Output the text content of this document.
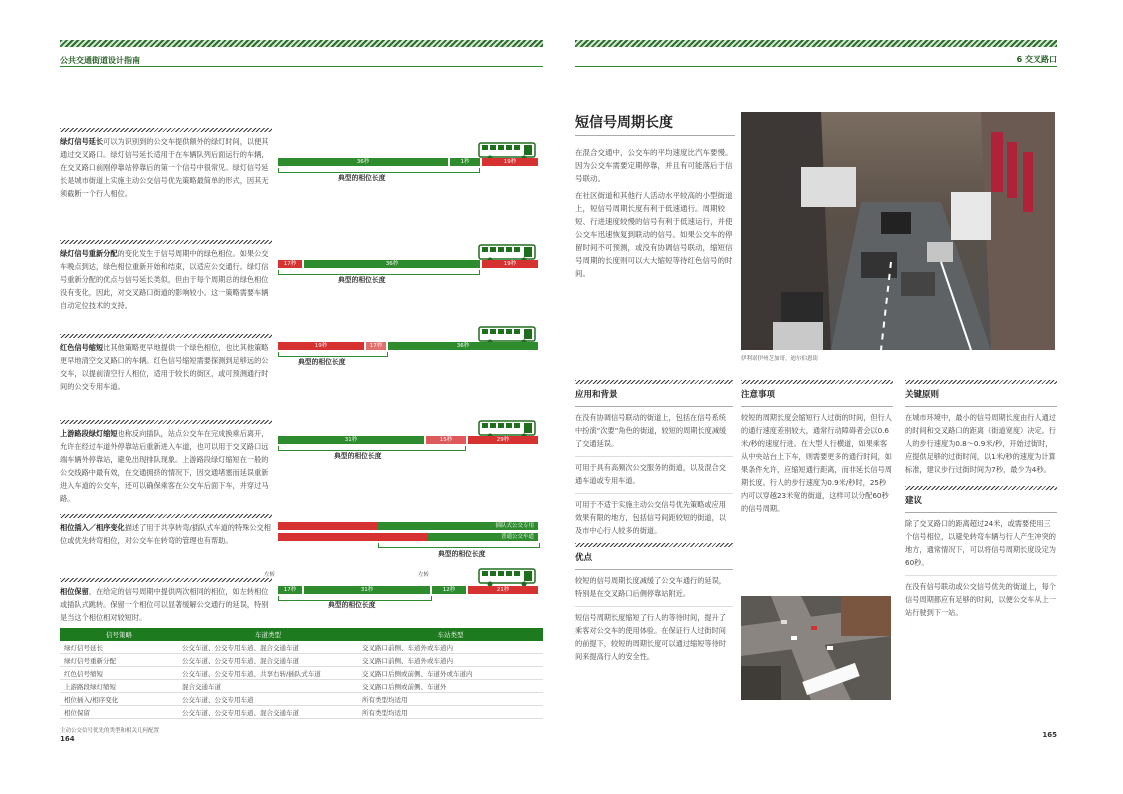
公共交通街道设计指南
绿灯信号延长可以为识别到的公交车提供额外的绿灯时间，以便其通过交叉路口。绿灯信号延长适用于在车辆队列后面运行的车辆，在交叉路口前刚停靠站停靠后的第一个信号中很常见。绿灯信号延长是城市街道上实施主动公交信号优先策略最简单的形式，因其无须截断一个行人相位。
36秒	1秒	19秒
典型的相位长度
绿灯信号重新分配的变化发生于信号周期中的绿色相位。如果公交车晚点到达，绿色相位重新开始和结束，以适应公交通行。绿灯信号重新分配的优点与信号延长类似，但由于每个周期总的绿色相位没有变化，因此，对交叉路口街道的影响较小。这一策略需要车辆自动定位技术的支持。
17秒	36秒	19秒
典型的相位长度
红色信号缩短比其他策略更早地提供一个绿色相位，也比其他策略更早地清空交叉路口的车辆。红色信号缩短需要探测到足够远的公交车，以提前清空行人相位，适用于较长的街区，或可预测通行时间的公交专用车道。
19秒	17秒	36秒
典型的相位长度
上游路段绿灯缩短也称反向插队，站点公交车在完成换乘后离开，允许在经过车道外停靠站后重新进入车道，也可以用于交叉路口远端车辆外停靠站，避免出现排队现象。上游路段绿灯缩短在一般的公交线路中最有效，在交通拥挤的情况下，因交通堵塞而延误重新进入车道的公交车，还可以确保乘客在公交车后面下车，并穿过马路。
31秒	15秒	29秒
典型的相位长度
相位插入／相序变化描述了用于共享转弯/插队式车道的特殊公交相位或优先转弯相位，对公交车在转弯的管理也有帮助。
插队式公交专用
普通公交车道
典型的相位长度
相位保留，在给定的信号周期中提供两次相同的相位，如左转相位或插队式跳转。保留一个相位可以显著缓解公交通行的延误，特别是当这个相位相对较短时。
左转	左转
17秒	31秒	12秒	21秒
典型的相位长度
信号策略	车道类型	车站类型
绿灯信号延长	公交车道、公交专用车道、混合交通车道	交叉路口前侧、车道外或车道内
绿灯信号重新分配	公交车道、公交专用车道、混合交通车道	交叉路口前侧、车道外或车道内
红色信号缩短	公交车道、公交专用车道、共享右转/插队式车道	交叉路口后侧或前侧、车道外或车道内
上游路段绿灯缩短	混合交通车道	交叉路口后侧或前侧、车道外
相位插入/相序变化	公交车道、公交专用车道	所有类型均适用
相位保留	公交车道、公交专用车道、混合交通车道	所有类型均适用
主动公交信号优先的类型和相关几何配置
164
6 交叉路口
短信号周期长度

在混合交通中，公交车的平均速度比汽车要慢。因为公交车需要定期停靠，并且有可能落后于信号联动。

在社区街道和其他行人活动水平较高的小型街道上，短信号周期长度有利于低速通行。周期较短、行进速度较慢的信号有利于低速运行，并使公交车迅速恢复到联动的信号。如果公交车的停留时间不可预测，或没有协调信号联动，缩短信号周期的长度则可以大大缩短等待红色信号的时间。

伊利诺伊州芝加哥，迪尔伯恩街
应用和背景

在没有协调信号联动的街道上，包括在信号系统中扮演“次要”角色的街道，较短的周期长度减缓了交通延误。

可用于具有高频次公交服务的街道，以及混合交通车道或专用车道。

可用于不适于实施主动公交信号优先策略或应用效果有限的地方，包括信号间距较短的街道，以及市中心行人较多的街道。

优点

较短的信号周期长度减缓了公交车通行的延误，特别是在交叉路口后侧停靠站附近。

短信号周期长度缩短了行人的等待时间，提升了乘客对公交车的使用体验。在保证行人过街时间的前提下，较短的周期长度可以通过缩短等待时间来提高行人的安全性。

注意事项
较短的周期长度会缩短行人过街的时间，但行人的通行速度差别较大，通常行动障碍者会以0.6米/秒的速度行进。在大型人行横道，如果乘客从中央站台上下车，则需要更多的通行时间，如果条件允许，应缩短通行距离，而非延长信号周期长度。行人的步行速度为0.9米/秒时，25秒内可以穿越23米宽的街道，这样可以分配60秒的信号周期。
关键原则
在城市环境中，最小的信号周期长度由行人通过的时间和交叉路口的距离（街道宽度）决定。行人的步行速度为0.8～0.9米/秒，开始过街时，应提供足够的过街时间，以1米/秒的速度为计算标准，建议步行过街时间为7秒，最少为4秒。
建议

除了交叉路口的距离超过24米，或需要使用三个信号相位，以避免转弯车辆与行人产生冲突的地方，通常情况下，可以将信号周期长度设定为60秒。

在没有信号联动或公交信号优先的街道上，每个信号周期都应有足够的时间，以便公交车从上一站行驶到下一站。

165
